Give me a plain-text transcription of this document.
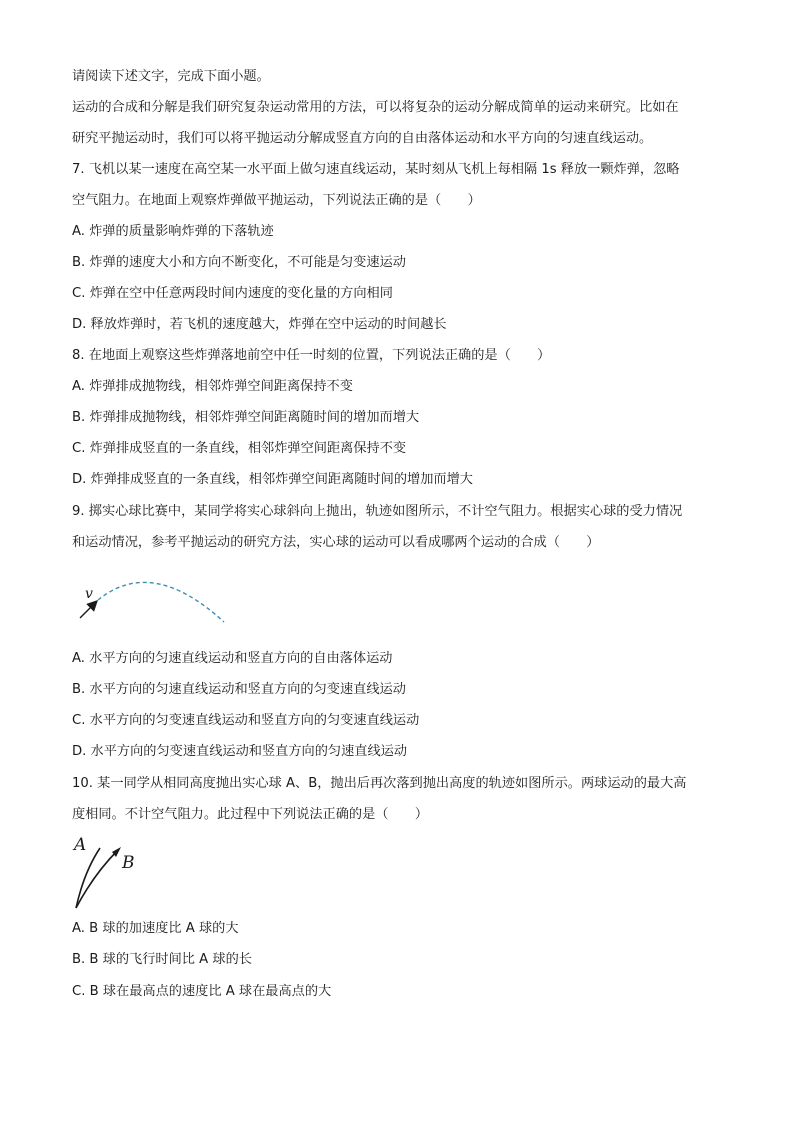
请阅读下述文字，完成下面小题。
运动的合成和分解是我们研究复杂运动常用的方法，可以将复杂的运动分解成简单的运动来研究。比如在
研究平抛运动时，我们可以将平抛运动分解成竖直方向的自由落体运动和水平方向的匀速直线运动。
7. 飞机以某一速度在高空某一水平面上做匀速直线运动，某时刻从飞机上每相隔 1s 释放一颗炸弹，忽略
空气阻力。在地面上观察炸弹做平抛运动，下列说法正确的是（　　）
A. 炸弹的质量影响炸弹的下落轨迹
B. 炸弹的速度大小和方向不断变化，不可能是匀变速运动
C. 炸弹在空中任意两段时间内速度的变化量的方向相同
D. 释放炸弹时，若飞机的速度越大，炸弹在空中运动的时间越长
8. 在地面上观察这些炸弹落地前空中任一时刻的位置，下列说法正确的是（　　）
A. 炸弹排成抛物线，相邻炸弹空间距离保持不变
B. 炸弹排成抛物线，相邻炸弹空间距离随时间的增加而增大
C. 炸弹排成竖直的一条直线，相邻炸弹空间距离保持不变
D. 炸弹排成竖直的一条直线，相邻炸弹空间距离随时间的增加而增大
9. 掷实心球比赛中，某同学将实心球斜向上抛出，轨迹如图所示，不计空气阻力。根据实心球的受力情况
和运动情况，参考平抛运动的研究方法，实心球的运动可以看成哪两个运动的合成（　　）
v
A. 水平方向的匀速直线运动和竖直方向的自由落体运动
B. 水平方向的匀速直线运动和竖直方向的匀变速直线运动
C. 水平方向的匀变速直线运动和竖直方向的匀变速直线运动
D. 水平方向的匀变速直线运动和竖直方向的匀速直线运动
10. 某一同学从相同高度抛出实心球 A、B，抛出后再次落到抛出高度的轨迹如图所示。两球运动的最大高
度相同。不计空气阻力。此过程中下列说法正确的是（　　）
A
B
A. B 球的加速度比 A 球的大
B. B 球的飞行时间比 A 球的长
C. B 球在最高点的速度比 A 球在最高点的大
